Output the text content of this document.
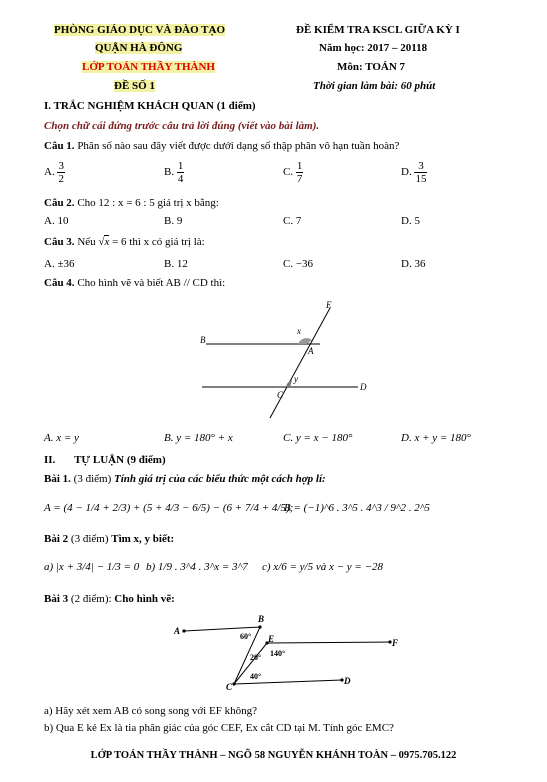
PHÒNG GIÁO DỤC VÀ ĐÀO TẠO
QUẬN HÀ ĐÔNG
LỚP TOÁN THẦY THÀNH
ĐỀ SỐ 1
ĐỀ KIỂM TRA KSCL GIỮA KỲ I
Năm học: 2017 – 20118
Môn: TOÁN 7
Thời gian làm bài: 60 phút
I. TRẮC NGHIỆM KHÁCH QUAN (1 điểm)
Chọn chữ cái đứng trước câu trả lời đúng (viết vào bài làm).
Câu 1. Phân số nào sau đây viết được dưới dạng số thập phân vô hạn tuần hoàn?
A. $\frac{3}{2}$	B. $\frac{1}{4}$	C. $\frac{1}{7}$	D. $\frac{3}{15}$
Câu 2. Cho 12 : x = 6 : 5 giá trị x bằng:
A. 10	B. 9	C. 7	D. 5
Câu 3. Nếu √x = 6 thì x có giá trị là:
A. ±36	B. 12	C. −36	D. 36
Câu 4. Cho hình vẽ và biết AB // CD thì:
E
x
B
A
y
C
D
A. x = y	B. y = 180° + x	C. y = x − 180°	D. x + y = 180°
II. TỰ LUẬN (9 điểm)
Bài 1. (3 điểm) Tính giá trị của các biểu thức một cách hợp lí:
A = (4 − 1/4 + 2/3) + (5 + 4/3 − 6/5) − (6 + 7/4 + 4/5);
B = (−1)^6 . 3^5 . 4^3 / 9^2 . 2^5
Bài 2 (3 điểm) Tìm x, y biết:
a) |x + 3/4| − 1/3 = 0 b) 1/9 . 3^4 . 3^x = 3^7 c) x/6 = y/5 và x − y = −28
Bài 3 (2 điểm): Cho hình vẽ:
A
B
E	F
C
D
60°
20° 140°
40°
a) Hãy xét xem AB có song song với EF không?
b) Qua E kẻ Ex là tia phân giác của góc CEF, Ex cắt CD tại M. Tính góc EMC?
LỚP TOÁN THẦY THÀNH – NGÕ 58 NGUYỄN KHÁNH TOÀN – 0975.705.122
